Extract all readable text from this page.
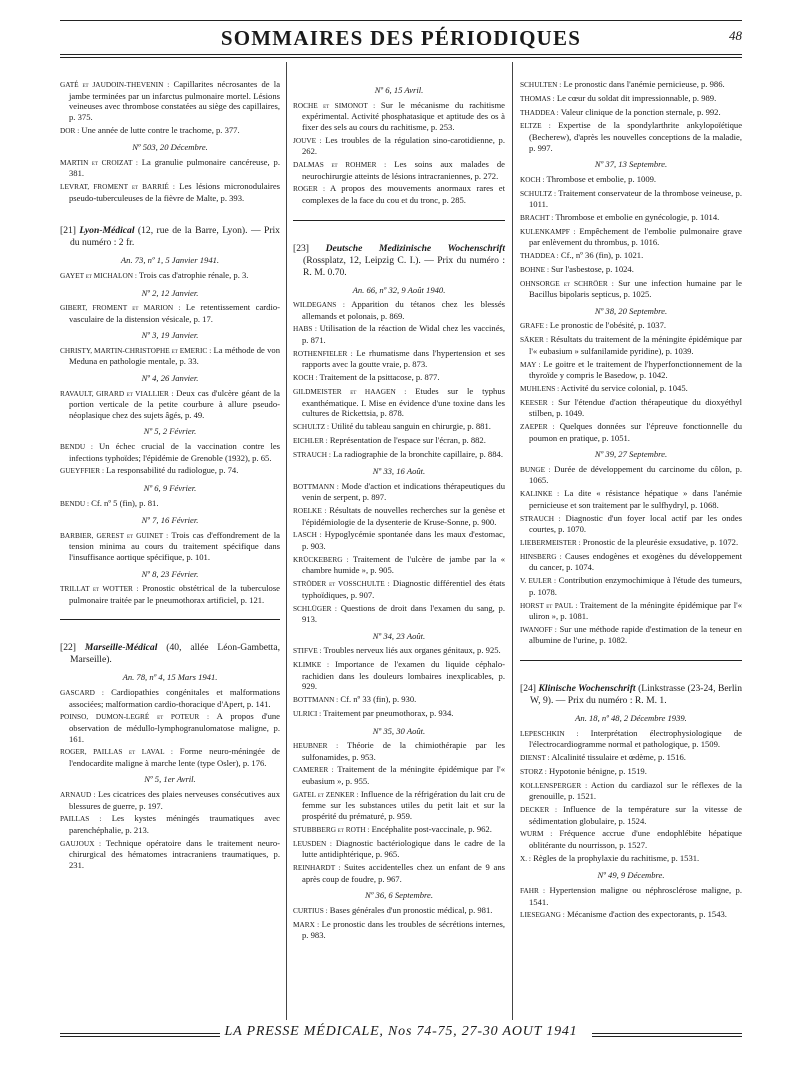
SOMMAIRES DES PÉRIODIQUES	48
GATÉ et JAUDOIN-THEVENIN : Capillarites nécrosantes de la jambe terminées par un infarctus pulmonaire mortel. Lésions veineuses avec thrombose constatées au siège des capillaires, p. 375.
DOR : Une année de lutte contre le trachome, p. 377.
Nº 503, 20 Décembre.
MARTIN et CROIZAT : La granulie pulmonaire cancéreuse, p. 381.
LEVRAT, FROMENT et BARRIÉ : Les lésions micronodulaires pseudo-tuberculeuses de la fièvre de Malte, p. 393.
[21] Lyon-Médical (12, rue de la Barre, Lyon). — Prix du numéro : 2 fr.
An. 73, nº 1, 5 Janvier 1941.
GAYET et MICHALON : Trois cas d'atrophie rénale, p. 3.
Nº 2, 12 Janvier.
GIBERT, FROMENT et MARION : Le retentissement cardio-vasculaire de la distension vésicale, p. 17.
Nº 3, 19 Janvier.
CHRISTY, MARTIN-CHRISTOPHE et EMERIC : La méthode de von Meduna en pathologie mentale, p. 33.
Nº 4, 26 Janvier.
RAVAULT, GIRARD et VIALLIER : Deux cas d'ulcère géant de la portion verticale de la petite courbure à allure pseudo-néoplasique chez des sujets âgés, p. 49.
Nº 5, 2 Février.
BENDU : Un échec crucial de la vaccination contre les infections typhoïdes; l'épidémie de Grenoble (1932), p. 65.
GUEYFFIER : La responsabilité du radiologue, p. 74.
Nº 6, 9 Février.
BENDU : Cf. nº 5 (fin), p. 81.
Nº 7, 16 Février.
BARBIER, GEREST et GUINET : Trois cas d'effondrement de la tension minima au cours du traitement spécifique dans l'insuffisance aortique spécifique, p. 101.
Nº 8, 23 Février.
TRILLAT et WOTTER : Pronostic obstétrical de la tuberculose pulmonaire traitée par le pneumothorax artificiel, p. 121.
[22] Marseille-Médical (40, allée Léon-Gambetta, Marseille).
An. 78, nº 4, 15 Mars 1941.
GASCARD : Cardiopathies congénitales et malformations associées; malformation cardio-thoracique d'Apert, p. 141.
POINSO, DUMON-LEGRÉ et POTEUR : A propos d'une observation de médullo-lymphogranulomatose maligne, p. 161.
ROGER, PAILLAS et LAVAL : Forme neuro-méningée de l'endocardite maligne à marche lente (type Osler), p. 176.
Nº 5, 1er Avril.
ARNAUD : Les cicatrices des plaies nerveuses consécutives aux blessures de guerre, p. 197.
PAILLAS : Les kystes méningés traumatiques avec parenchéphalie, p. 213.
GAUJOUX : Technique opératoire dans le traitement neuro-chirurgical des hématomes intracraniens traumatiques, p. 231.
Nº 6, 15 Avril.
ROCHE et SIMONOT : Sur le mécanisme du rachitisme expérimental. Activité phosphatasique et aptitude des os à fixer des sels au cours du rachitisme, p. 253.
JOUVE : Les troubles de la régulation sino-carotidienne, p. 262.
DALMAS et ROHMER : Les soins aux malades de neurochirurgie atteints de lésions intracraniennes, p. 272.
ROGER : A propos des mouvements anormaux rares et complexes de la face du cou et du tronc, p. 285.
[23] Deutsche Medizinische Wochenschrift (Rossplatz, 12, Leipzig C. I.). — Prix du numéro : R. M. 0.70.
An. 66, nº 32, 9 Août 1940.
WILDEGANS : Apparition du tétanos chez les blessés allemands et polonais, p. 869.
HABS : Utilisation de la réaction de Widal chez les vaccinés, p. 871.
ROTHENFIELER : Le rhumatisme dans l'hypertension et ses rapports avec la goutte vraie, p. 873.
KOCH : Traitement de la psittacose, p. 877.
GILDMEISTER et HAAGEN : Etudes sur le typhus exanthématique. I. Mise en évidence d'une toxine dans les cultures de Rickettsia, p. 878.
SCHULTZ : Utilité du tableau sanguin en chirurgie, p. 881.
EICHLER : Représentation de l'espace sur l'écran, p. 882.
STRAUCH : La radiographie de la bronchite capillaire, p. 884.
Nº 33, 16 Août.
BOTTMANN : Mode d'action et indications thérapeutiques du venin de serpent, p. 897.
ROELKE : Résultats de nouvelles recherches sur la genèse et l'épidémiologie de la dysenterie de Kruse-Sonne, p. 900.
LASCH : Hypoglycémie spontanée dans les maux d'estomac, p. 903.
KRÜCKEBERG : Traitement de l'ulcère de jambe par la « chambre humide », p. 905.
STRÖDER et VOSSCHULTE : Diagnostic différentiel des états typhoïdiques, p. 907.
SCHLÜGER : Questions de droit dans l'examen du sang, p. 913.
Nº 34, 23 Août.
STIFVE : Troubles nerveux liés aux organes génitaux, p. 925.
KLIMKE : Importance de l'examen du liquide céphalo-rachidien dans les douleurs lombaires inexplicables, p. 929.
BOTTMANN : Cf. nº 33 (fin), p. 930.
ULRICI : Traitement par pneumothorax, p. 934.
Nº 35, 30 Août.
HEUBNER : Théorie de la chimiothérapie par les sulfonamides, p. 953.
CAMERER : Traitement de la méningite épidémique par l'« eubasium », p. 955.
GATEL et ZENKER : Influence de la réfrigération du lait cru de femme sur les substances utiles du petit lait et sur la prospérité du prématuré, p. 959.
STUBBBERG et ROTH : Encéphalite post-vaccinale, p. 962.
LEUSDEN : Diagnostic bactériologique dans le cadre de la lutte antidiphtérique, p. 965.
REINHARDT : Suites accidentelles chez un enfant de 9 ans après coup de foudre, p. 967.
Nº 36, 6 Septembre.
CURTIUS : Bases générales d'un pronostic médical, p. 981.
MARX : Le pronostic dans les troubles de sécrétions internes, p. 983.
SCHULTEN : Le pronostic dans l'anémie pernicieuse, p. 986.
THOMAS : Le cœur du soldat dit impressionnable, p. 989.
THADDEA : Valeur clinique de la ponction sternale, p. 992.
ELTZE : Expertise de la spondylarthrite ankylopoïétique (Becherew), d'après les nouvelles conceptions de la maladie, p. 997.
Nº 37, 13 Septembre.
KOCH : Thrombose et embolie, p. 1009.
SCHULTZ : Traitement conservateur de la thrombose veineuse, p. 1011.
BRACHT : Thrombose et embolie en gynécologie, p. 1014.
KULENKAMPF : Empêchement de l'embolie pulmonaire grave par enlèvement du thrombus, p. 1016.
THADDEA : Cf., nº 36 (fin), p. 1021.
BOHNE : Sur l'asbestose, p. 1024.
OHNSORGE et SCHRÖER : Sur une infection humaine par le Bacillus bipolaris septicus, p. 1025.
Nº 38, 20 Septembre.
GRAFE : Le pronostic de l'obésité, p. 1037.
SÄKER : Résultats du traitement de la méningite épidémique par l'« eubasium » sulfanilamide pyridine), p. 1039.
MAY : Le goitre et le traitement de l'hyperfonctionnement de la thyroïde y compris le Basedow, p. 1042.
MUHLENS : Activité du service colonial, p. 1045.
KEESER : Sur l'étendue d'action thérapeutique du dioxyéthyl stilben, p. 1049.
ZAEPER : Quelques données sur l'épreuve fonctionnelle du poumon en pratique, p. 1051.
Nº 39, 27 Septembre.
BUNGE : Durée de développement du carcinome du côlon, p. 1065.
KALINKE : La dite « résistance hépatique » dans l'anémie pernicieuse et son traitement par le sulfhydryl, p. 1068.
STRAUCH : Diagnostic d'un foyer local actif par les ondes courtes, p. 1070.
LIEBERMEISTER : Pronostic de la pleurésie exsudative, p. 1072.
HINSBERG : Causes endogènes et exogènes du développement du cancer, p. 1074.
V. EULER : Contribution enzymochimique à l'étude des tumeurs, p. 1078.
HORST et PAUL : Traitement de la méningite épidémique par l'« uliron », p. 1081.
IWANOFF : Sur une méthode rapide d'estimation de la teneur en albumine de l'urine, p. 1082.
[24] Klinische Wochenschrift (Linkstrasse (23-24, Berlin W, 9). — Prix du numéro : R. M. 1.
An. 18, nº 48, 2 Décembre 1939.
LEPESCHKIN : Interprétation électrophysiologique de l'électrocardiogramme normal et pathologique, p. 1509.
DIENST : Alcalinité tissulaire et œdème, p. 1516.
STORZ : Hypotonie bénigne, p. 1519.
KOLLENSPERGER : Action du cardiazol sur le réflexes de la grenouille, p. 1521.
DECKER : Influence de la température sur la vitesse de sédimentation globulaire, p. 1524.
WURM : Fréquence accrue d'une endophlébite hépatique oblitérante du nourrisson, p. 1527.
X. : Règles de la prophylaxie du rachitisme, p. 1531.
Nº 49, 9 Décembre.
FAHR : Hypertension maligne ou néphrosclérose maligne, p. 1541.
LIESEGANG : Mécanisme d'action des expectorants, p. 1543.
LA PRESSE MÉDICALE, Nos 74-75, 27-30 AOUT 1941
